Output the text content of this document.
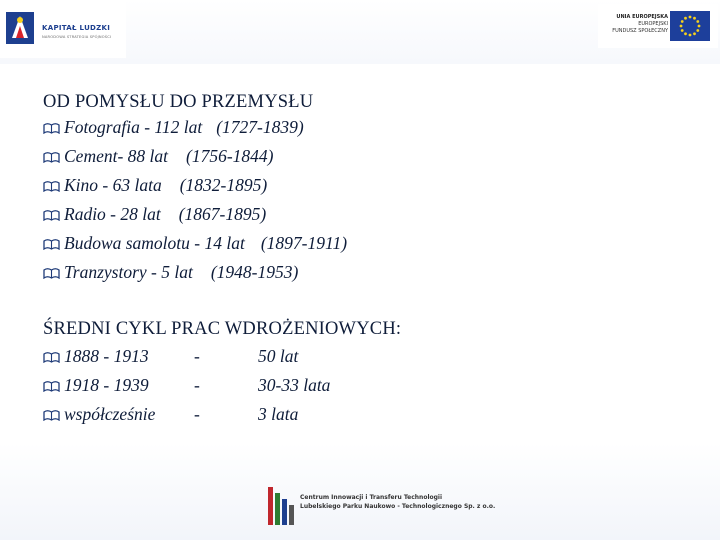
KAPITAŁ LUDZKI
NARODOWA STRATEGIA SPÓJNOŚCI
UNIA EUROPEJSKA
EUROPEJSKI
FUNDUSZ SPOŁECZNY
OD POMYSŁU DO PRZEMYSŁU
Fotografia - 112 lat (1727-1839)
Cement- 88 lat (1756-1844)
Kino - 63 lata (1832-1895)
Radio - 28 lat (1867-1895)
Budowa samolotu - 14 lat (1897-1911)
Tranzystory - 5 lat (1948-1953)
ŚREDNI CYKL PRAC WDROŻENIOWYCH:
1888 - 1913	-	50 lat
1918 - 1939	-	30-33 lata
współcześnie -	3 lata
Centrum Innowacji i Transferu Technologii
Lubelskiego Parku Naukowo - Technologicznego Sp. z o.o.
